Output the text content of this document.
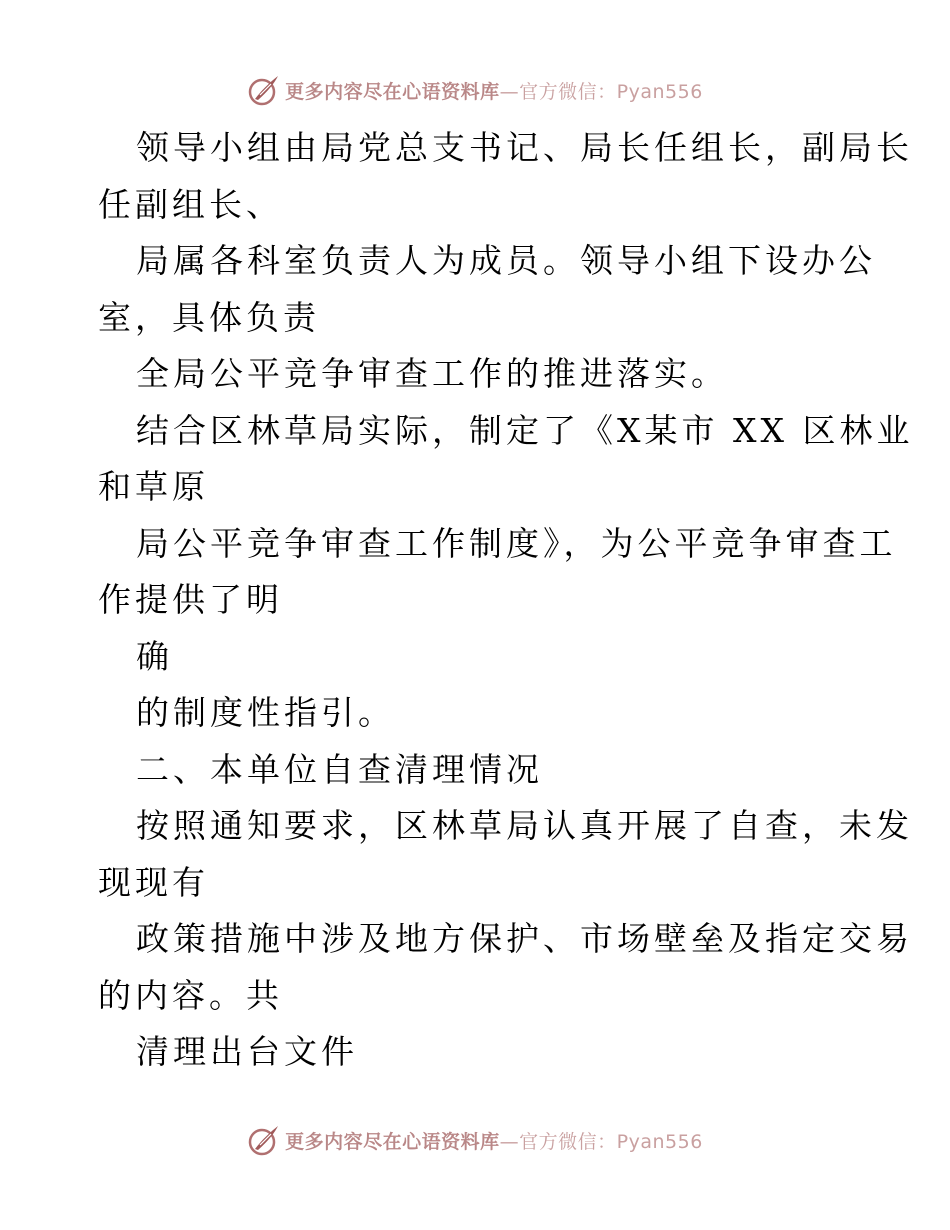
更多内容尽在心语资料库—官方微信：Pyan556
领导小组由局党总支书记、局长任组长，副局长
任副组长、
局属各科室负责人为成员。领导小组下设办公
室，具体负责
全局公平竞争审查工作的推进落实。
结合区林草局实际，制定了《X某市 XX 区林业
和草原
局公平竞争审查工作制度》，为公平竞争审查工
作提供了明
确
的制度性指引。
二、本单位自查清理情况
按照通知要求，区林草局认真开展了自查，未发
现现有
政策措施中涉及地方保护、市场壁垒及指定交易
的内容。共
清理出台文件
更多内容尽在心语资料库—官方微信：Pyan556
